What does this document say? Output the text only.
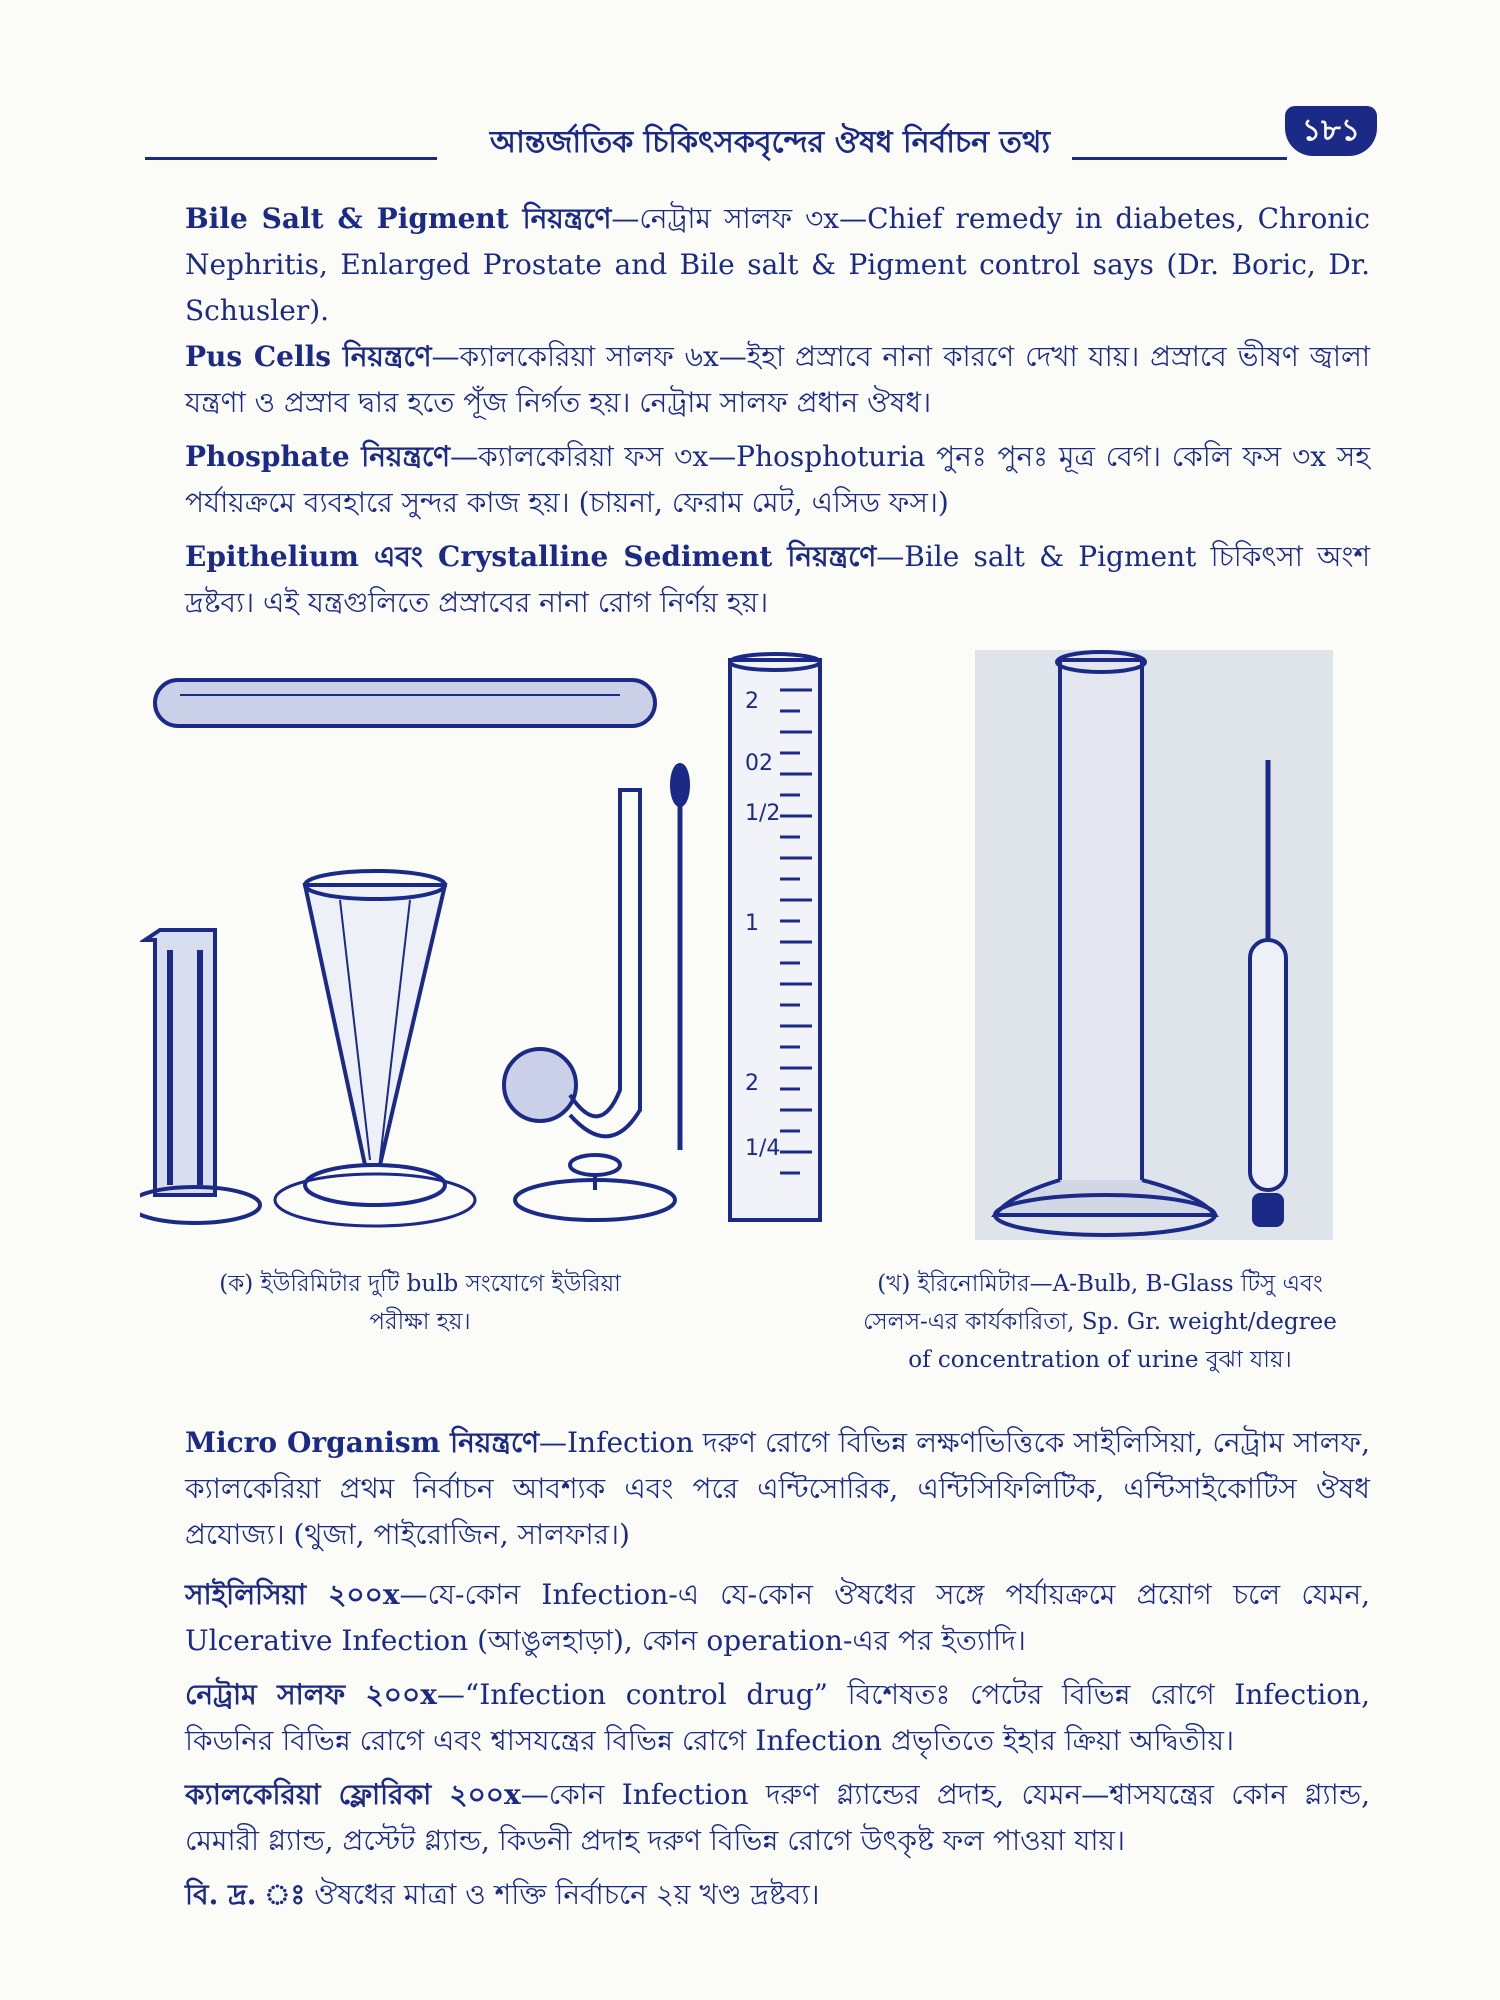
আন্তর্জাতিক চিকিৎসকবৃন্দের ঔষধ নির্বাচন তথ্য	১৮১
Bile Salt & Pigment নিয়ন্ত্রণে—নেট্রাম সালফ ৩x—Chief remedy in diabetes, Chronic Nephritis, Enlarged Prostate and Bile salt & Pigment control says (Dr. Boric, Dr. Schusler).
Pus Cells নিয়ন্ত্রণে—ক্যালকেরিয়া সালফ ৬x—ইহা প্রস্রাবে নানা কারণে দেখা যায়। প্রস্রাবে ভীষণ জ্বালা যন্ত্রণা ও প্রস্রাব দ্বার হতে পূঁজ নির্গত হয়। নেট্রাম সালফ প্রধান ঔষধ।
Phosphate নিয়ন্ত্রণে—ক্যালকেরিয়া ফস ৩x—Phosphoturia পুনঃ পুনঃ মূত্র বেগ। কেলি ফস ৩x সহ পর্যায়ক্রমে ব্যবহারে সুন্দর কাজ হয়। (চায়না, ফেরাম মেট, এসিড ফস।)
Epithelium এবং Crystalline Sediment নিয়ন্ত্রণে—Bile salt & Pigment চিকিৎসা অংশ দ্রষ্টব্য। এই যন্ত্রগুলিতে প্রস্রাবের নানা রোগ নির্ণয় হয়।
2
02
1/2
1
2
1/4
(ক) ইউরিমিটার দুটি bulb সংযোগে ইউরিয়া
পরীক্ষা হয়।
(খ) ইরিনোমিটার—A-Bulb, B-Glass টিসু এবং
সেলস-এর কার্যকারিতা, Sp. Gr. weight/degree
of concentration of urine বুঝা যায়।
Micro Organism নিয়ন্ত্রণে—Infection দরুণ রোগে বিভিন্ন লক্ষণভিত্তিকে সাইলিসিয়া, নেট্রাম সালফ, ক্যালকেরিয়া প্রথম নির্বাচন আবশ্যক এবং পরে এন্টিসোরিক, এন্টিসিফিলিটিক, এন্টিসাইকোটিস ঔষধ প্রযোজ্য। (থুজা, পাইরোজিন, সালফার।)
সাইলিসিয়া ২০০x—যে-কোন Infection-এ যে-কোন ঔষধের সঙ্গে পর্যায়ক্রমে প্রয়োগ চলে যেমন, Ulcerative Infection (আঙুলহাড়া), কোন operation-এর পর ইত্যাদি।
নেট্রাম সালফ ২০০x—“Infection control drug” বিশেষতঃ পেটের বিভিন্ন রোগে Infection, কিডনির বিভিন্ন রোগে এবং শ্বাসযন্ত্রের বিভিন্ন রোগে Infection প্রভৃতিতে ইহার ক্রিয়া অদ্বিতীয়।
ক্যালকেরিয়া ফ্লোরিকা ২০০x—কোন Infection দরুণ গ্ল্যান্ডের প্রদাহ, যেমন—শ্বাসযন্ত্রের কোন গ্ল্যান্ড, মেমারী গ্ল্যান্ড, প্রস্টেট গ্ল্যান্ড, কিডনী প্রদাহ দরুণ বিভিন্ন রোগে উৎকৃষ্ট ফল পাওয়া যায়।
বি. দ্র. ঃ ঔষধের মাত্রা ও শক্তি নির্বাচনে ২য় খণ্ড দ্রষ্টব্য।
